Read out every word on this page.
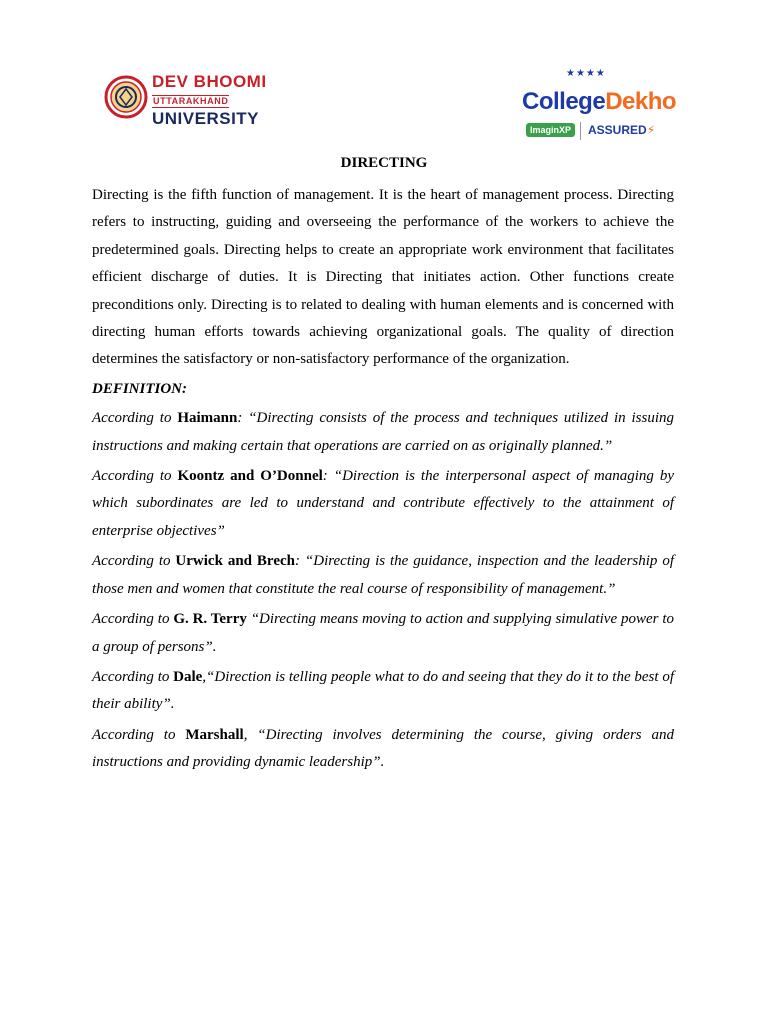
DEV BHOOMI
UTTARAKHAND
UNIVERSITY
★★★★
CollegeDekho
ImaginXP	ASSURED⚡
DIRECTING

Directing is the fifth function of management. It is the heart of management process. Directing refers to instructing, guiding and overseeing the performance of the workers to achieve the predetermined goals. Directing helps to create an appropriate work environment that facilitates efficient discharge of duties. It is Directing that initiates action. Other functions create preconditions only. Directing is to related to dealing with human elements and is concerned with directing human efforts towards achieving organizational goals. The quality of direction determines the satisfactory or non-satisfactory performance of the organization.

DEFINITION:

According to Haimann: “Directing consists of the process and techniques utilized in issuing instructions and making certain that operations are carried on as originally planned.”

According to Koontz and O’Donnel: “Direction is the interpersonal aspect of managing by which subordinates are led to understand and contribute effectively to the attainment of enterprise objectives”

According to Urwick and Brech: “Directing is the guidance, inspection and the leadership of those men and women that constitute the real course of responsibility of management.”

According to G. R. Terry “Directing means moving to action and supplying simulative power to a group of persons”.

According to Dale,“Direction is telling people what to do and seeing that they do it to the best of their ability”.

According to Marshall, “Directing involves determining the course, giving orders and instructions and providing dynamic leadership”.
